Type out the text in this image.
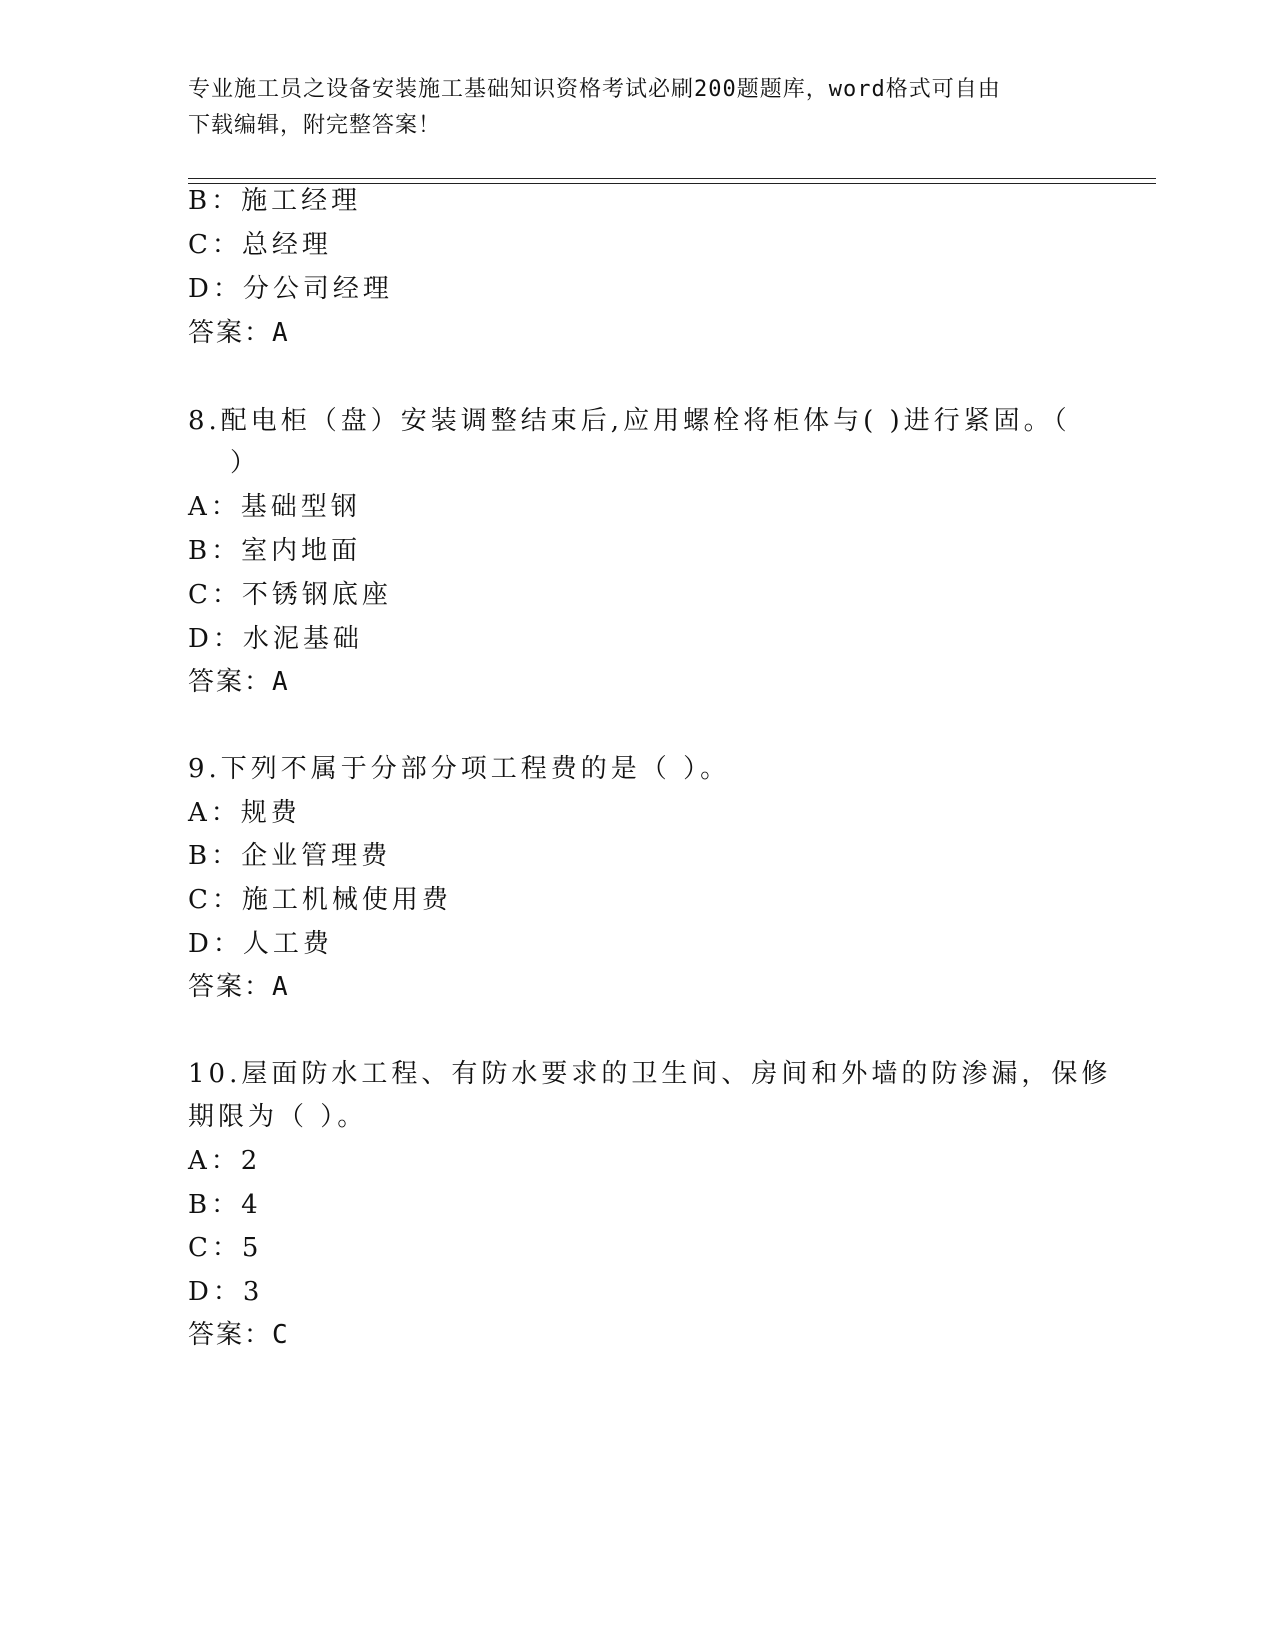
专业施工员之设备安装施工基础知识资格考试必刷200题题库，word格式可自由
下载编辑，附完整答案！
B：施工经理
C：总经理
D：分公司经理
答案：A
8.配电柜（盘）安装调整结束后,应用螺栓将柜体与( )进行紧固。（
）
A：基础型钢
B：室内地面
C：不锈钢底座
D：水泥基础
答案：A
9.下列不属于分部分项工程费的是（ ）。
A：规费
B：企业管理费
C：施工机械使用费
D：人工费
答案：A
10.屋面防水工程、有防水要求的卫生间、房间和外墙的防渗漏，保修
期限为（ ）。
A：2
B：4
C：5
D：3
答案：C
